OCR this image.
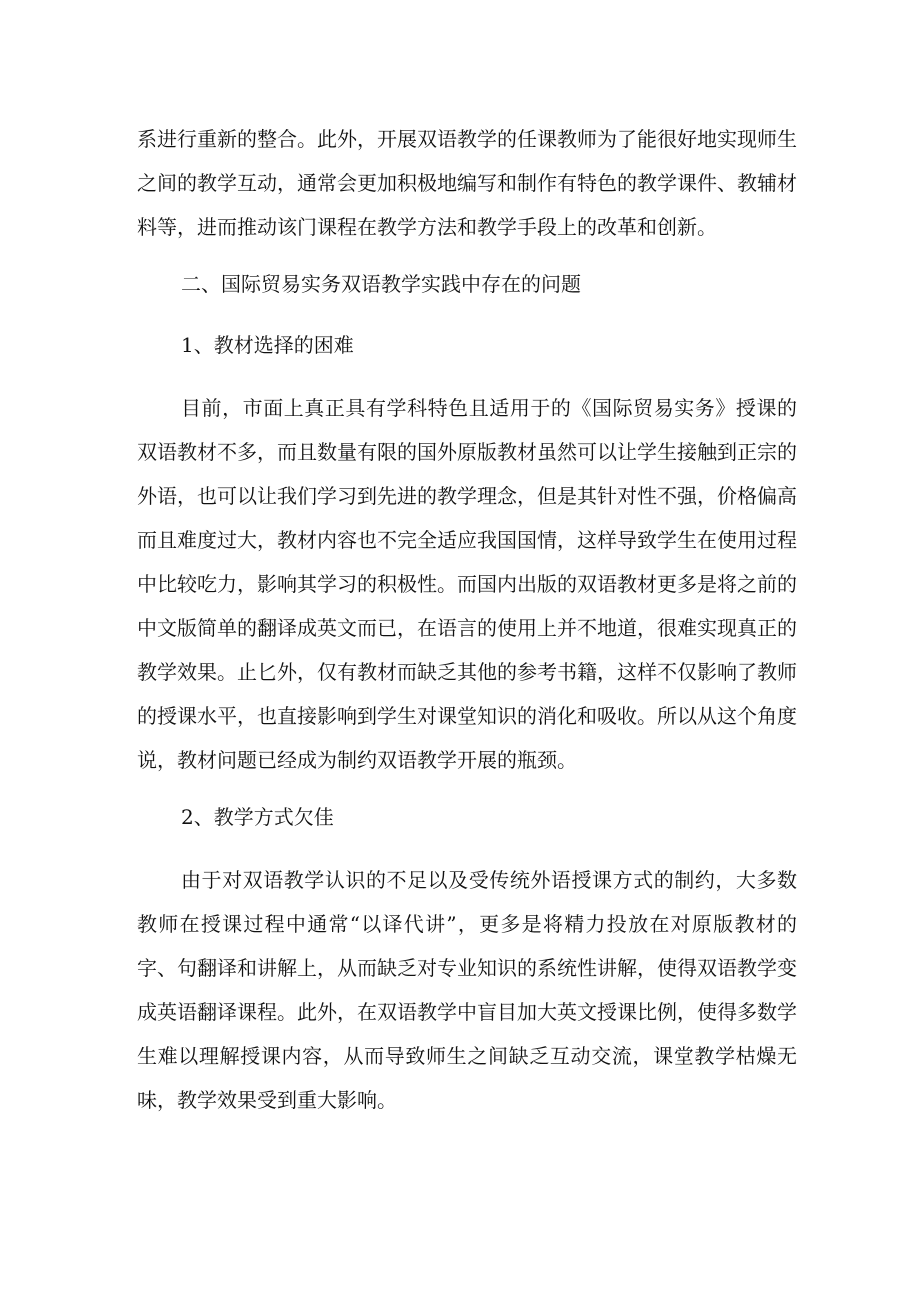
系进行重新的整合。此外，开展双语教学的任课教师为了能很好地实现师生之间的教学互动，通常会更加积极地编写和制作有特色的教学课件、教辅材料等，进而推动该门课程在教学方法和教学手段上的改革和创新。

二、国际贸易实务双语教学实践中存在的问题

1、教材选择的困难

目前，市面上真正具有学科特色且适用于的《国际贸易实务》授课的双语教材不多，而且数量有限的国外原版教材虽然可以让学生接触到正宗的外语，也可以让我们学习到先进的教学理念，但是其针对性不强，价格偏高而且难度过大，教材内容也不完全适应我国国情，这样导致学生在使用过程中比较吃力，影响其学习的积极性。而国内出版的双语教材更多是将之前的中文版简单的翻译成英文而已，在语言的使用上并不地道，很难实现真正的教学效果。止匕外，仅有教材而缺乏其他的参考书籍，这样不仅影响了教师的授课水平，也直接影响到学生对课堂知识的消化和吸收。所以从这个角度说，教材问题已经成为制约双语教学开展的瓶颈。

2、教学方式欠佳

由于对双语教学认识的不足以及受传统外语授课方式的制约，大多数教师在授课过程中通常“以译代讲”，更多是将精力投放在对原版教材的字、句翻译和讲解上，从而缺乏对专业知识的系统性讲解，使得双语教学变成英语翻译课程。此外，在双语教学中盲目加大英文授课比例，使得多数学生难以理解授课内容，从而导致师生之间缺乏互动交流，课堂教学枯燥无味，教学效果受到重大影响。
